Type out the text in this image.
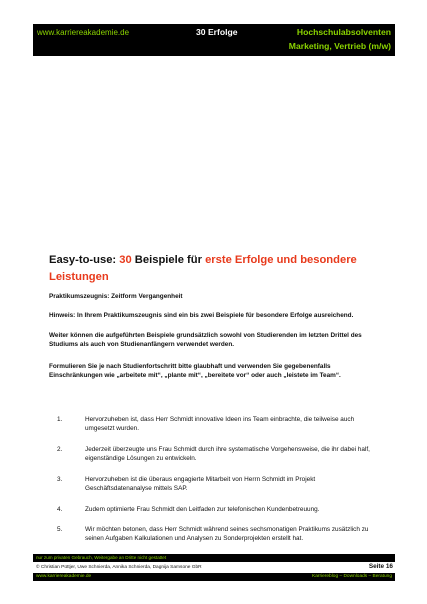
www.karriereakademie.de	30 Erfolge	Hochschulabsolventen
Marketing, Vertrieb (m/w)
Easy-to-use: 30 Beispiele für erste Erfolge und besondere Leistungen
Praktikumszeugnis: Zeitform Vergangenheit
Hinweis: In Ihrem Praktikumszeugnis sind ein bis zwei Beispiele für besondere Erfolge ausreichend.
Weiter können die aufgeführten Beispiele grundsätzlich sowohl von Studierenden im letzten Drittel des Studiums als auch von Studienanfängern verwendet werden.
Formulieren Sie je nach Studienfortschritt bitte glaubhaft und verwenden Sie gegebenenfalls Einschränkungen wie „arbeitete mit“, „plante mit“, „bereitete vor“ oder auch „leistete im Team“.
1.	Hervorzuheben ist, dass Herr Schmidt innovative Ideen ins Team einbrachte, die teilweise auch umgesetzt wurden.
2.	Jederzeit überzeugte uns Frau Schmidt durch ihre systematische Vorgehensweise, die ihr dabei half, eigenständige Lösungen zu entwickeln.
3.	Hervorzuheben ist die überaus engagierte Mitarbeit von Herrn Schmidt im Projekt Geschäftsdatenanalyse mittels SAP.
4.	Zudem optimierte Frau Schmidt den Leitfaden zur telefonischen Kundenbetreuung.
5.	Wir möchten betonen, dass Herr Schmidt während seines sechsmonatigen Praktikums zusätzlich zu seinen Aufgaben Kalkulationen und Analysen zu Sonderprojekten erstellt hat.
nur zum privaten Gebrauch, Weitergabe an Dritte nicht gestattet
© Christian Püttjer, Uwe Schnierda, Annika Schnierda, Dagnija Samsone GbR	Seite 16
www.karriereakademie.de	Karriereblog – Downloads – Beratung
